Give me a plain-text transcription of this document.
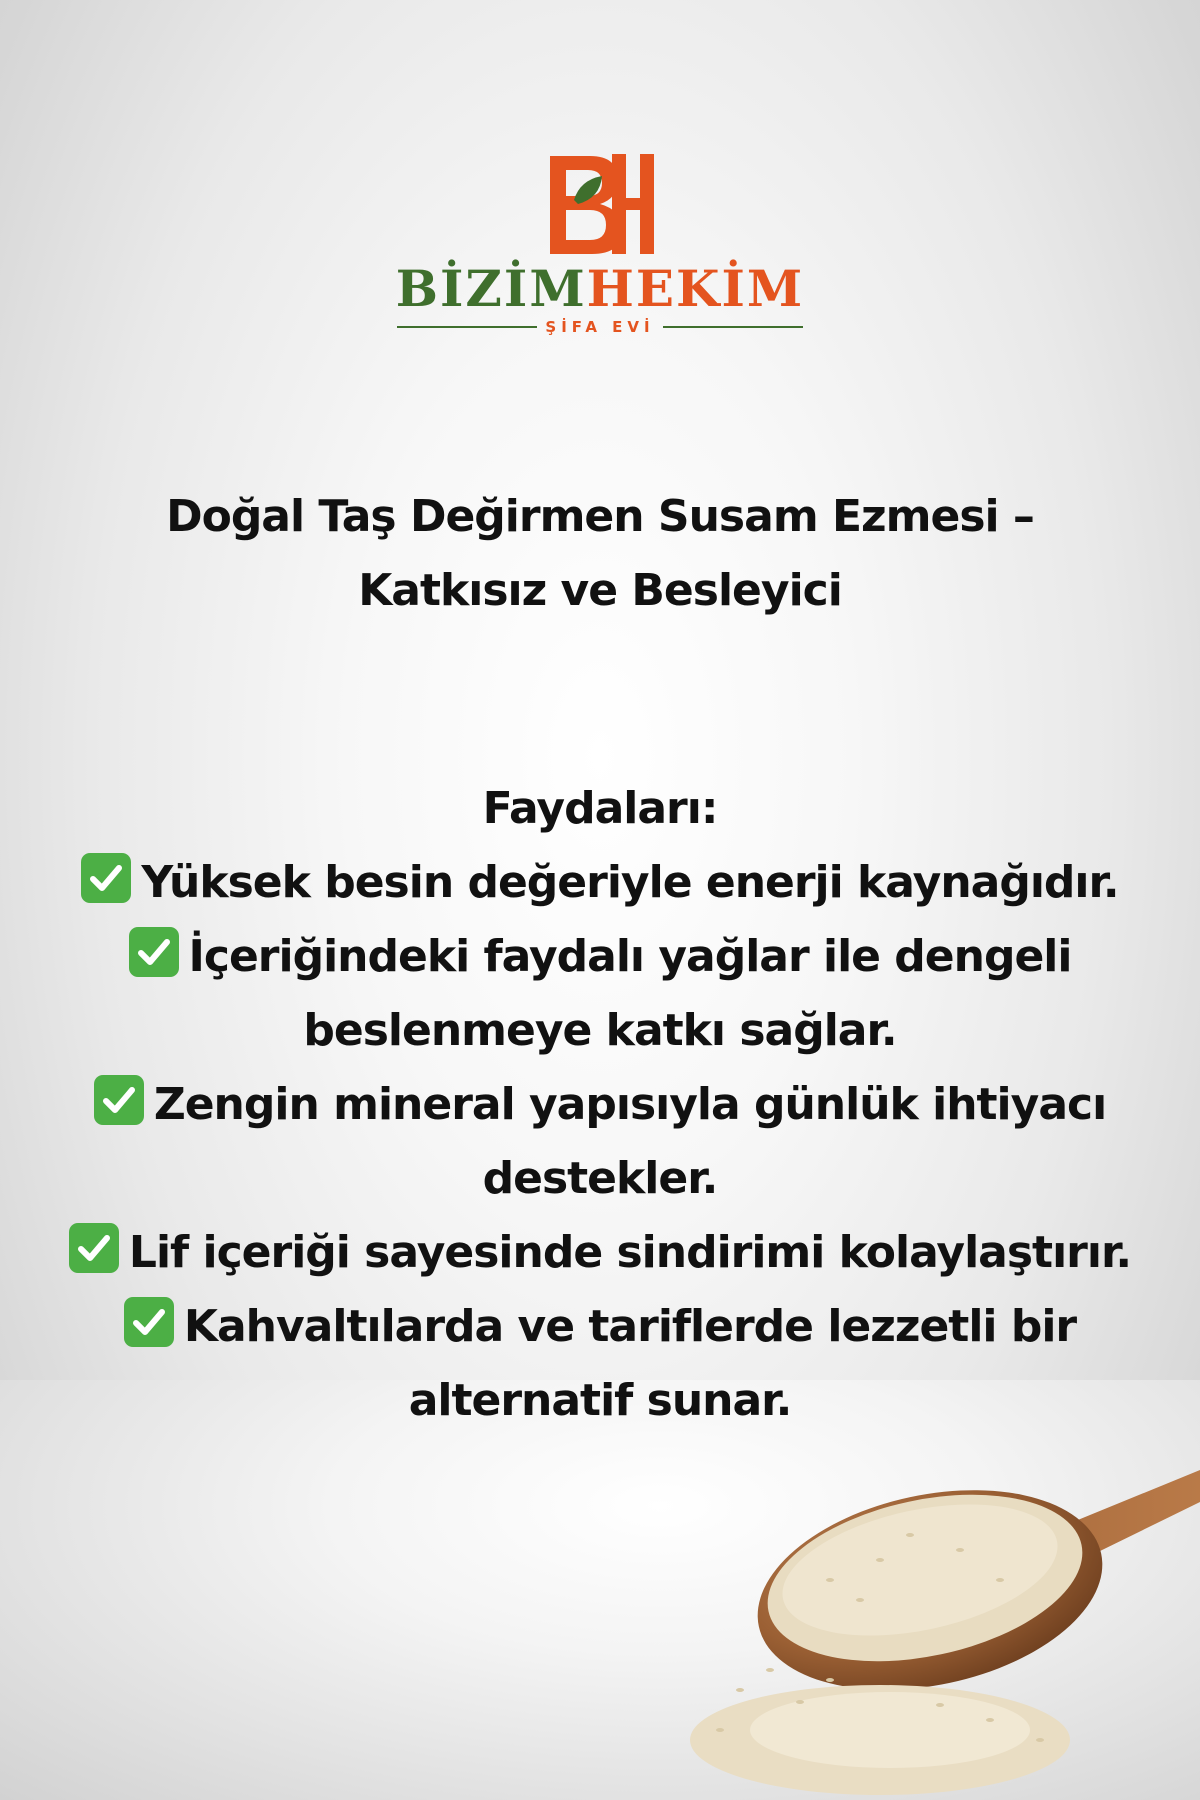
BİZİMHEKİM
ŞİFA EVİ
Doğal Taş Değirmen Susam Ezmesi – Katkısız ve Besleyici
Faydaları:
Yüksek besin değeriyle enerji kaynağıdır.
İçeriğindeki faydalı yağlar ile dengeli beslenmeye katkı sağlar.
Zengin mineral yapısıyla günlük ihtiyacı destekler.
Lif içeriği sayesinde sindirimi kolaylaştırır.
Kahvaltılarda ve tariflerde lezzetli bir alternatif sunar.
